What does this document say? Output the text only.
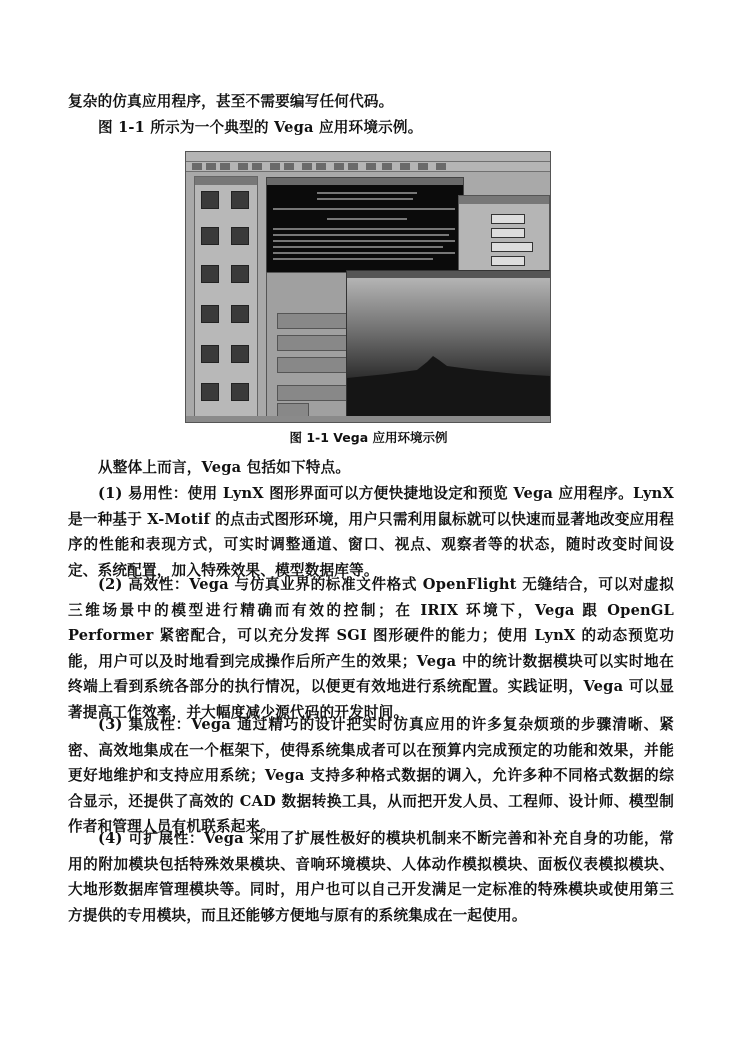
复杂的仿真应用程序，甚至不需要编写任何代码。

图 1-1 所示为一个典型的 Vega 应用环境示例。

图 1-1 Vega 应用环境示例

从整体上而言，Vega 包括如下特点。

(1) 易用性：使用 LynX 图形界面可以方便快捷地设定和预览 Vega 应用程序。LynX 是一种基于 X-Motif 的点击式图形环境，用户只需利用鼠标就可以快速而显著地改变应用程序的性能和表现方式，可实时调整通道、窗口、视点、观察者等的状态，随时改变时间设定、系统配置，加入特殊效果、模型数据库等。

(2) 高效性：Vega 与仿真业界的标准文件格式 OpenFlight 无缝结合，可以对虚拟三维场景中的模型进行精确而有效的控制；在 IRIX 环境下，Vega 跟 OpenGL Performer 紧密配合，可以充分发挥 SGI 图形硬件的能力；使用 LynX 的动态预览功能，用户可以及时地看到完成操作后所产生的效果；Vega 中的统计数据模块可以实时地在终端上看到系统各部分的执行情况，以便更有效地进行系统配置。实践证明，Vega 可以显著提高工作效率，并大幅度减少源代码的开发时间。

(3) 集成性：Vega 通过精巧的设计把实时仿真应用的许多复杂烦琐的步骤清晰、紧密、高效地集成在一个框架下，使得系统集成者可以在预算内完成预定的功能和效果，并能更好地维护和支持应用系统；Vega 支持多种格式数据的调入，允许多种不同格式数据的综合显示，还提供了高效的 CAD 数据转换工具，从而把开发人员、工程师、设计师、模型制作者和管理人员有机联系起来。

(4) 可扩展性：Vega 采用了扩展性极好的模块机制来不断完善和补充自身的功能，常用的附加模块包括特殊效果模块、音响环境模块、人体动作模拟模块、面板仪表模拟模块、大地形数据库管理模块等。同时，用户也可以自己开发满足一定标准的特殊模块或使用第三方提供的专用模块，而且还能够方便地与原有的系统集成在一起使用。
